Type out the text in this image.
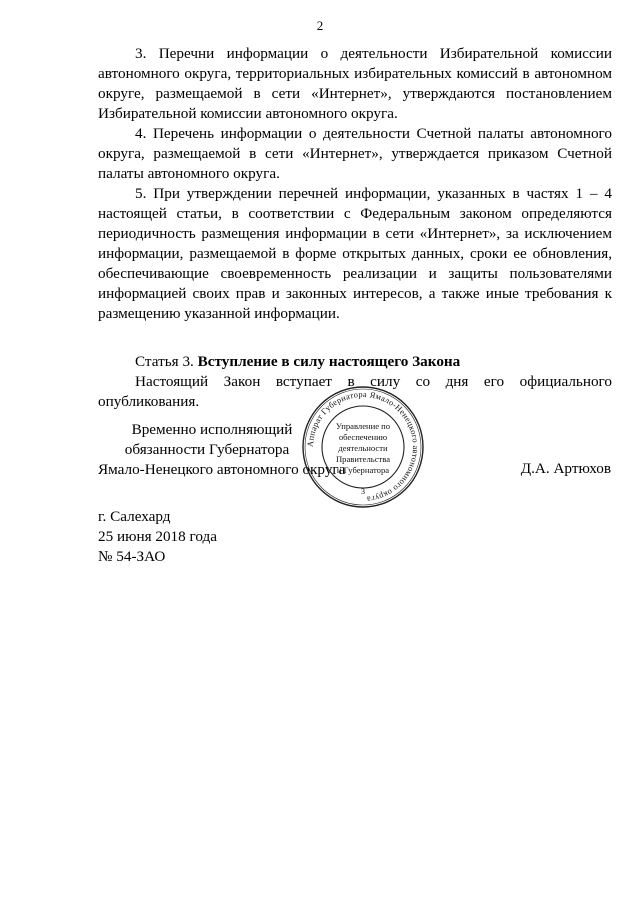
2

3. Перечни информации о деятельности Избирательной комиссии автономного округа, территориальных избирательных комиссий в автономном округе, размещаемой в сети «Интернет», утверждаются постановлением Избирательной комиссии автономного округа.

4. Перечень информации о деятельности Счетной палаты автономного округа, размещаемой в сети «Интернет», утверждается приказом Счетной палаты автономного округа.

5. При утверждении перечней информации, указанных в частях 1 – 4 настоящей статьи, в соответствии с Федеральным законом определяются периодичность размещения информации в сети «Интернет», за исключением информации, размещаемой в форме открытых данных, сроки ее обновления, обеспечивающие своевременность реализации и защиты пользователями информацией своих прав и законных интересов, а также иные требования к размещению указанной информации.

Статья 3. Вступление в силу настоящего Закона

Настоящий Закон вступает в силу со дня его официального опубликования.

Временно исполняющий
обязанности Губернатора
Ямало-Ненецкого автономного округа	Д.А. Артюхов
Аппарат Губернатора Ямало-Ненецкого автономного округа
3
Управление по
обеспечению
деятельности
Правительства
и Губернатора
г. Салехард
25 июня 2018 года
№ 54-ЗАО
